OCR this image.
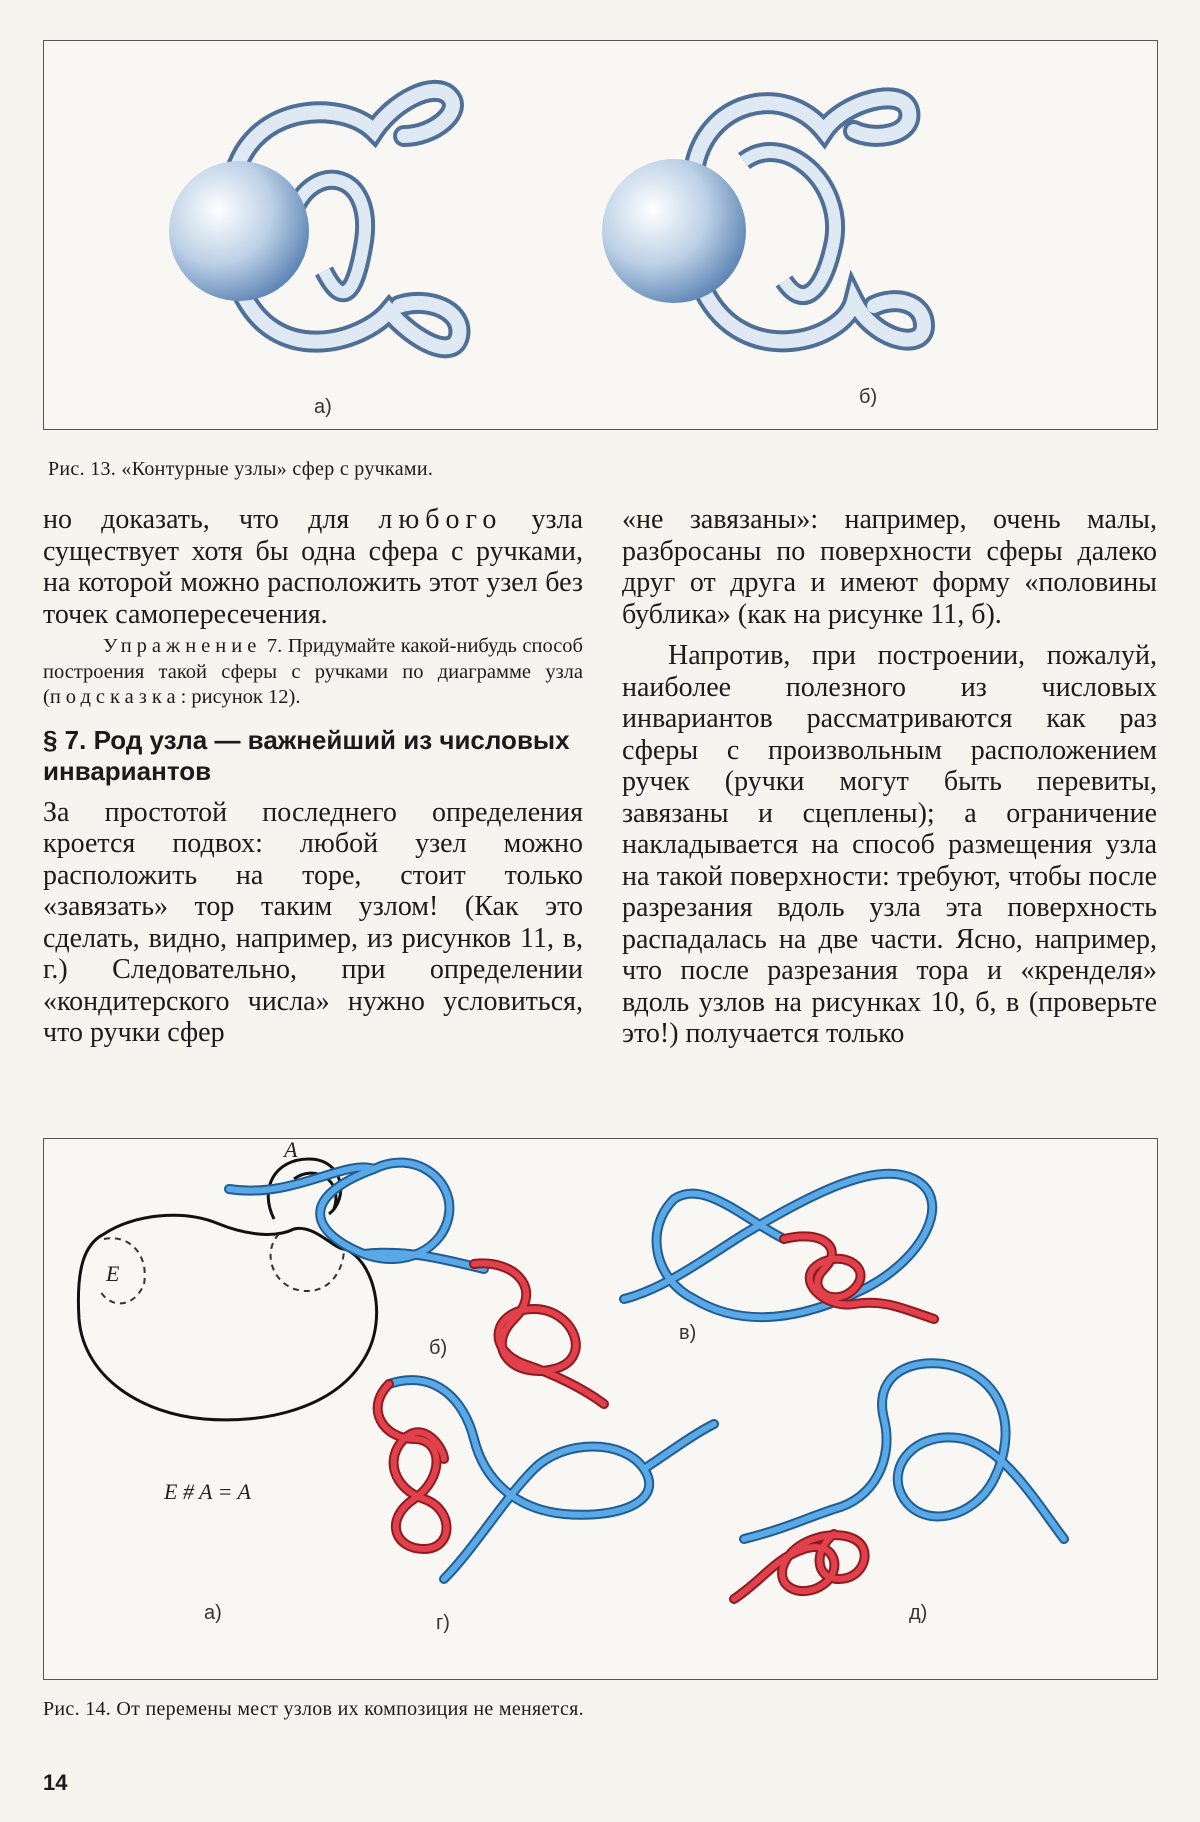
а)	б)
Рис. 13. «Контурные узлы» сфер с ручками.

но доказать, что для любого узла существует хотя бы одна сфера с ручками, на которой можно расположить этот узел без точек самопересечения.

Упражнение 7. Придумайте какой-нибудь способ построения такой сферы с ручками по диаграмме узла (подсказка: рисунок 12).

§ 7. Род узла — важнейший из числовых инвариантов

За простотой последнего определения кроется подвох: любой узел можно расположить на торе, стоит только «завязать» тор таким узлом! (Как это сделать, видно, например, из рисунков 11, в, г.) Следовательно, при определении «кондитерского числа» нужно условиться, что ручки сфер

«не завязаны»: например, очень малы, разбросаны по поверхности сферы далеко друг от друга и имеют форму «половины бублика» (как на рисунке 11, б).

Напротив, при построении, пожалуй, наиболее полезного из числовых инвариантов рассматриваются как раз сферы с произвольным расположением ручек (ручки могут быть перевиты, завязаны и сцеплены); а ограничение накладывается на способ размещения узла на такой поверхности: требуют, чтобы после разрезания вдоль узла эта поверхность распадалась на две части. Ясно, например, что после разрезания тора и «кренделя» вдоль узлов на рисунках 10, б, в (проверьте это!) получается только

A
E
E # A = A
а)
б)
в)
г)	д)
Рис. 14. От перемены мест узлов их композиция не меняется.
14
